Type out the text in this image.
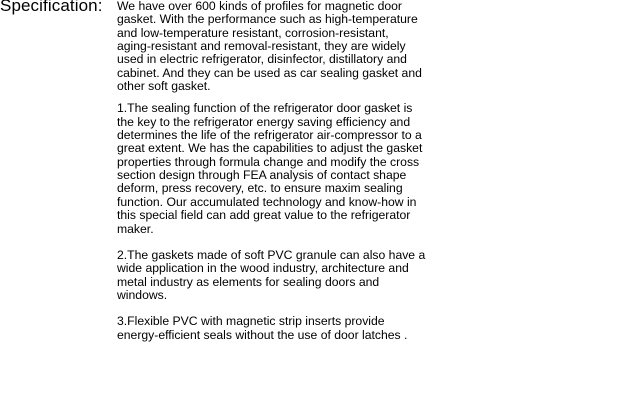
Specification: We have over 600 kinds of profiles for magnetic door
gasket. With the performance such as high-temperature
and low-temperature resistant, corrosion-resistant,
aging-resistant and removal-resistant, they are widely
used in electric refrigerator, disinfector, distillatory and
cabinet. And they can be used as car sealing gasket and
other soft gasket.

1.The sealing function of the refrigerator door gasket is
the key to the refrigerator energy saving efficiency and
determines the life of the refrigerator air-compressor to a
great extent. We has the capabilities to adjust the gasket
properties through formula change and modify the cross
section design through FEA analysis of contact shape
deform, press recovery, etc. to ensure maxim sealing
function. Our accumulated technology and know-how in
this special field can add great value to the refrigerator
maker.

2.The gaskets made of soft PVC granule can also have a
wide application in the wood industry, architecture and
metal industry as elements for sealing doors and
windows.

3.Flexible PVC with magnetic strip inserts provide
energy-efficient seals without the use of door latches .
